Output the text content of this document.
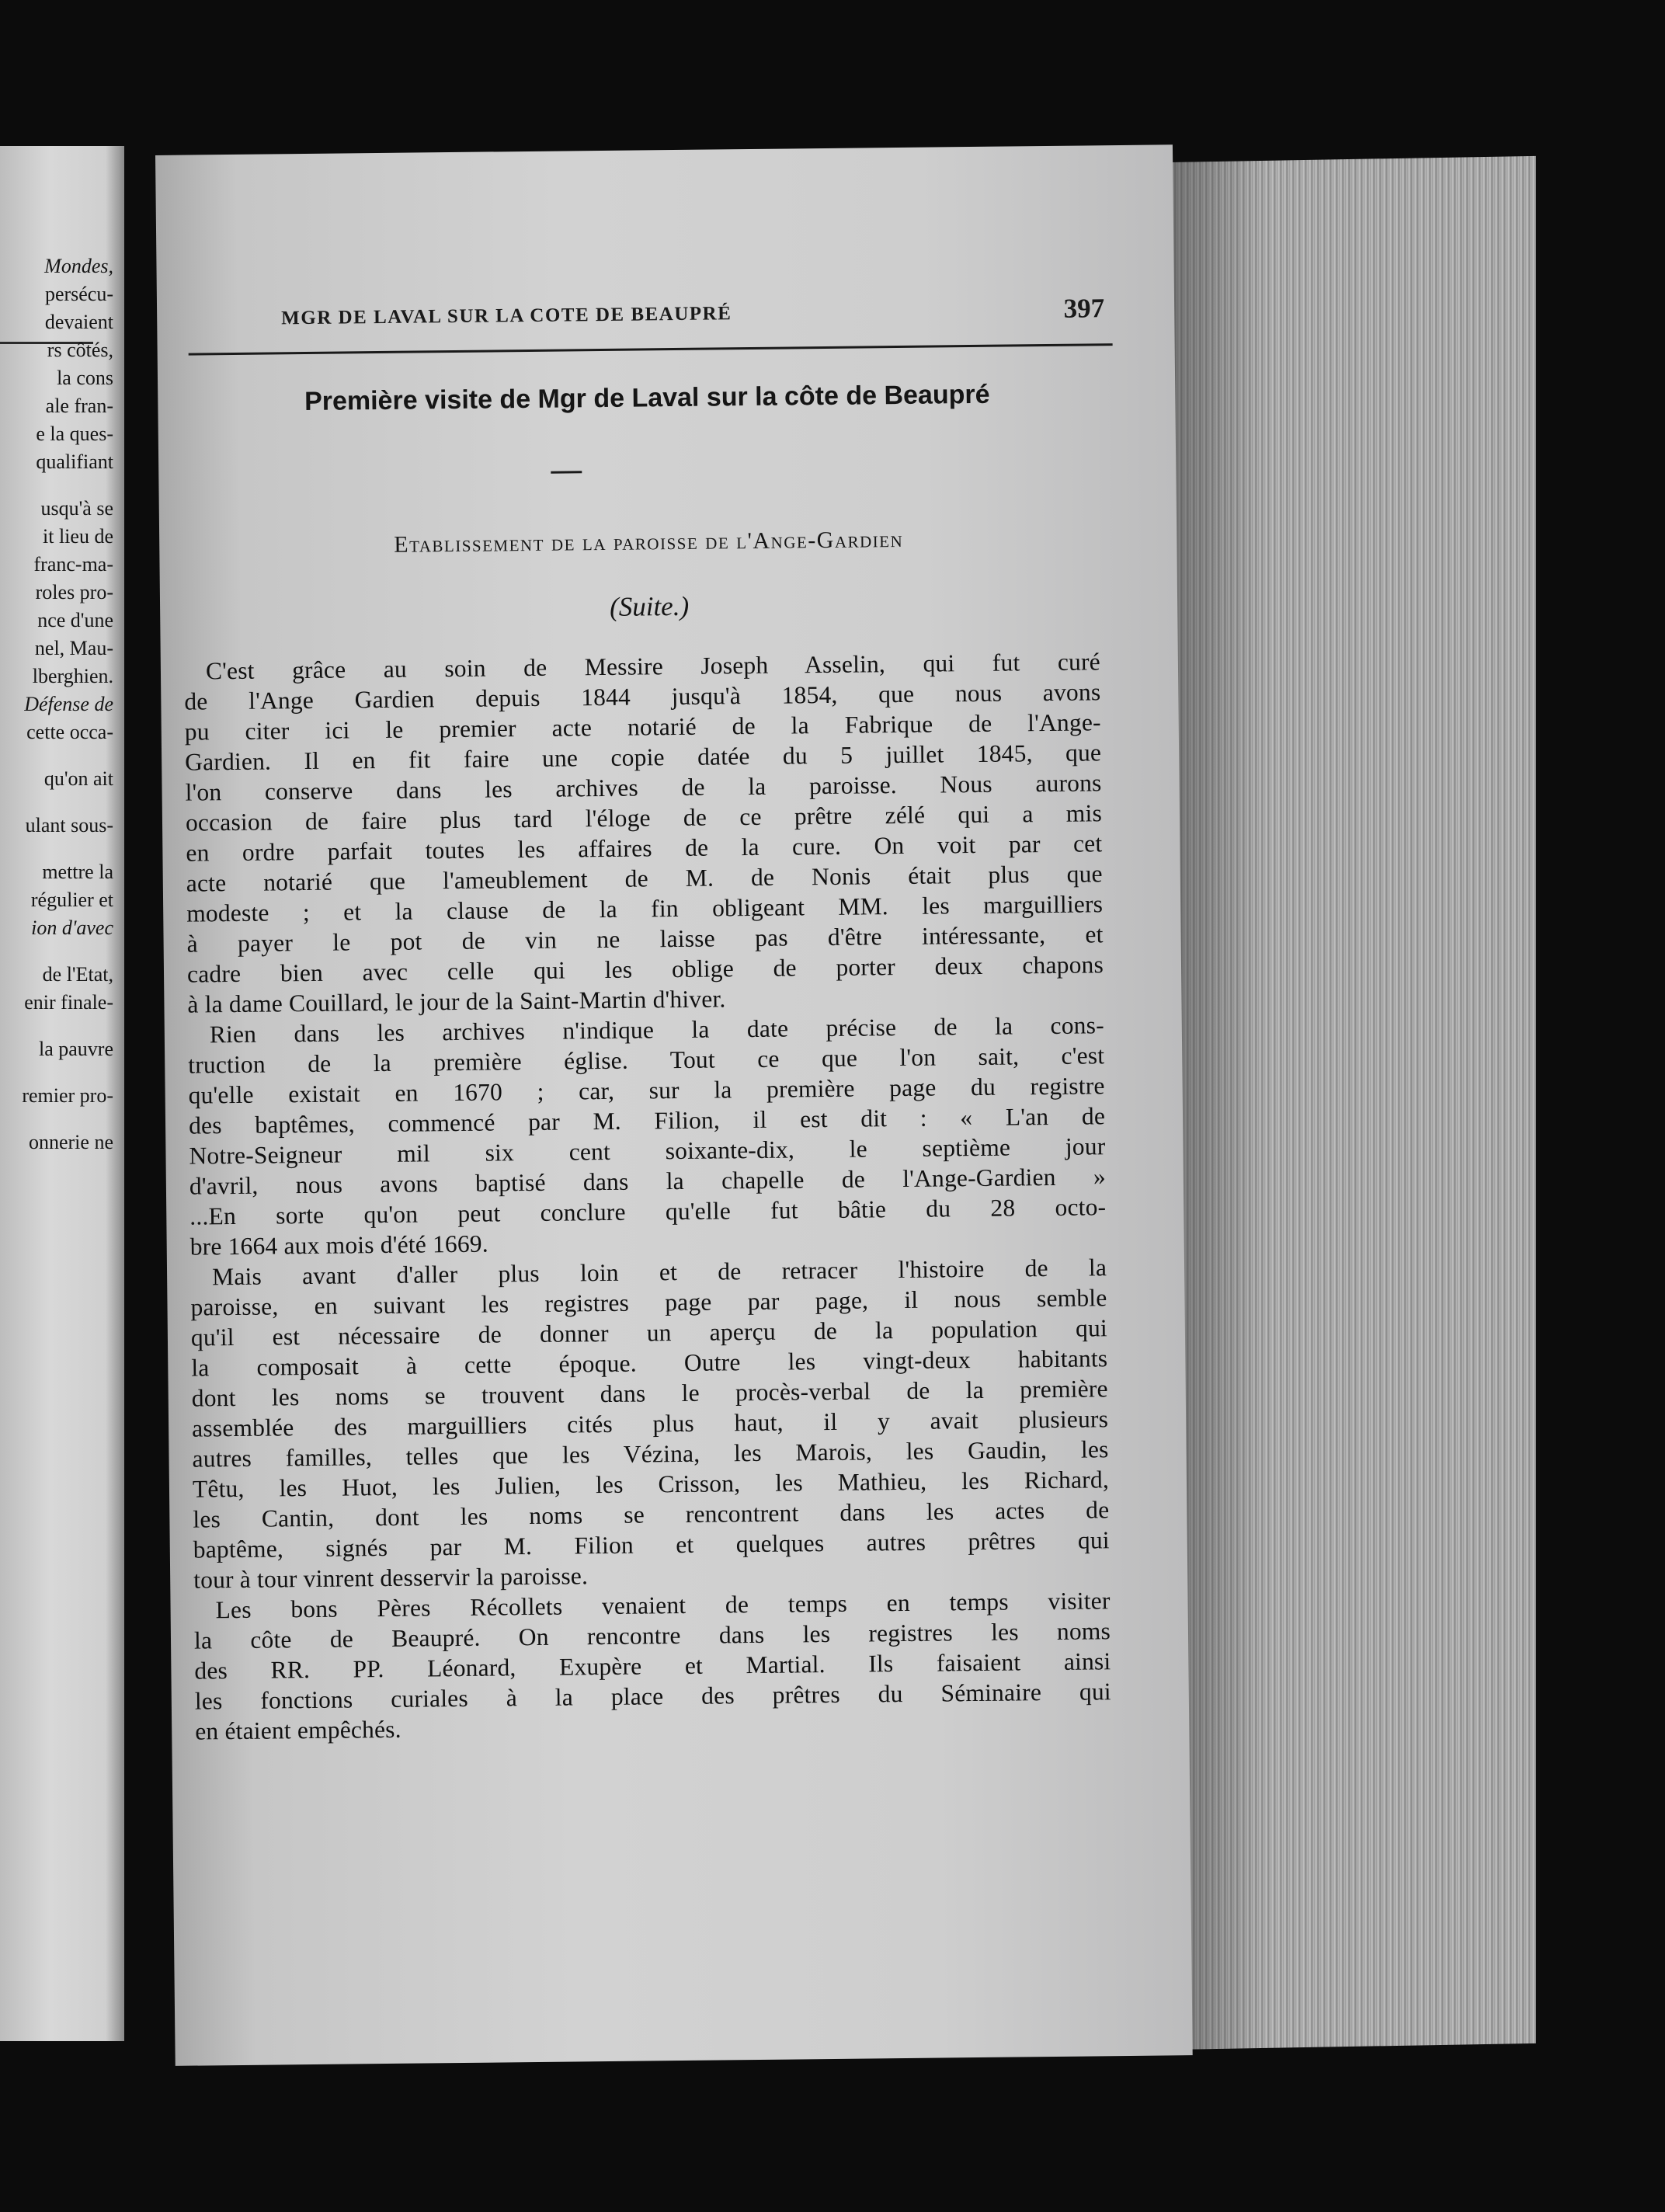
Mondes,
persécu-
devaient
rs côtés,
la cons
ale fran-
e la ques-
qualifiant
usqu'à se
it lieu de
franc-ma-
roles pro-
nce d'une
nel, Mau-
lberghien.
Défense de
cette occa-
qu'on ait
ulant sous-
mettre la
régulier et
ion d'avec
de l'Etat,
enir finale-
la pauvre
remier pro-
onnerie ne
MGR DE LAVAL SUR LA COTE DE BEAUPRÉ	397
Première visite de Mgr de Laval sur la côte de Beaupré
Etablissement de la paroisse de l'Ange-Gardien
(Suite.)

C'est grâce au soin de Messire Joseph Asselin, qui fut curé
de l'Ange Gardien depuis 1844 jusqu'à 1854, que nous avons
pu citer ici le premier acte notarié de la Fabrique de l'Ange-
Gardien. Il en fit faire une copie datée du 5 juillet 1845, que
l'on conserve dans les archives de la paroisse. Nous aurons
occasion de faire plus tard l'éloge de ce prêtre zélé qui a mis
en ordre parfait toutes les affaires de la cure. On voit par cet
acte notarié que l'ameublement de M. de Nonis était plus que
modeste ; et la clause de la fin obligeant MM. les marguilliers
à payer le pot de vin ne laisse pas d'être intéressante, et
cadre bien avec celle qui les oblige de porter deux chapons
à la dame Couillard, le jour de la Saint-Martin d'hiver.

Rien dans les archives n'indique la date précise de la cons-
truction de la première église. Tout ce que l'on sait, c'est
qu'elle existait en 1670 ; car, sur la première page du registre
des baptêmes, commencé par M. Filion, il est dit : « L'an de
Notre-Seigneur mil six cent soixante-dix, le septième jour
d'avril, nous avons baptisé dans la chapelle de l'Ange-Gardien »
...En sorte qu'on peut conclure qu'elle fut bâtie du 28 octo-
bre 1664 aux mois d'été 1669.

Mais avant d'aller plus loin et de retracer l'histoire de la
paroisse, en suivant les registres page par page, il nous semble
qu'il est nécessaire de donner un aperçu de la population qui
la composait à cette époque. Outre les vingt-deux habitants
dont les noms se trouvent dans le procès-verbal de la première
assemblée des marguilliers cités plus haut, il y avait plusieurs
autres familles, telles que les Vézina, les Marois, les Gaudin, les
Têtu, les Huot, les Julien, les Crisson, les Mathieu, les Richard,
les Cantin, dont les noms se rencontrent dans les actes de
baptême, signés par M. Filion et quelques autres prêtres qui
tour à tour vinrent desservir la paroisse.

Les bons Pères Récollets venaient de temps en temps visiter
la côte de Beaupré. On rencontre dans les registres les noms
des RR. PP. Léonard, Exupère et Martial. Ils faisaient ainsi
les fonctions curiales à la place des prêtres du Séminaire qui
en étaient empêchés.
